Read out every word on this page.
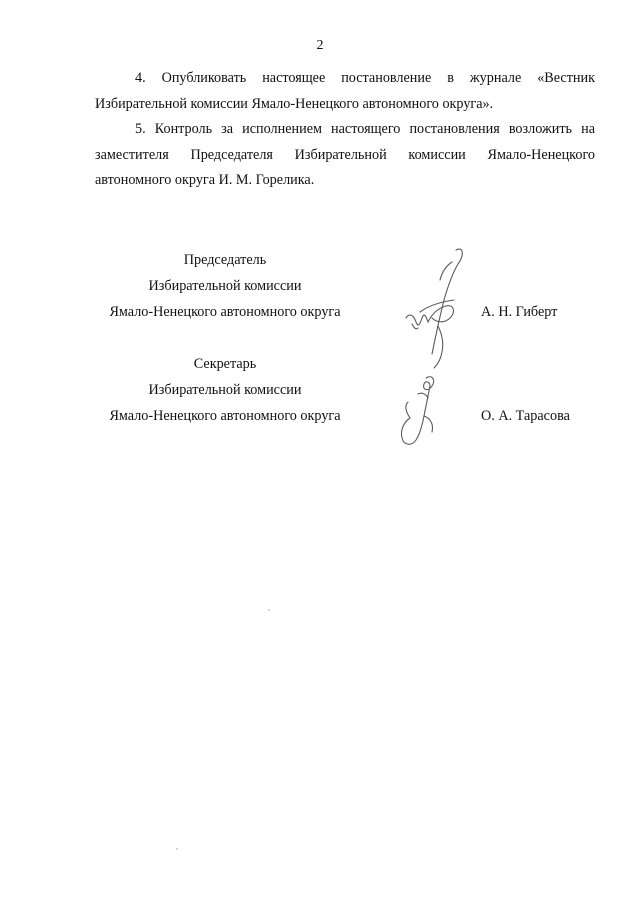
2

4. Опубликовать настоящее постановление в журнале «Вестник
Избирательной комиссии Ямало-Ненецкого автономного округа».

5. Контроль за исполнением настоящего постановления возложить на
заместителя Председателя Избирательной комиссии Ямало-Ненецкого
автономного округа И. М. Горелика.

Председатель
Избирательной комиссии
Ямало-Ненецкого автономного округа	А. Н. Гиберт
Секретарь
Избирательной комиссии
Ямало-Ненецкого автономного округа	О. А. Тарасова
